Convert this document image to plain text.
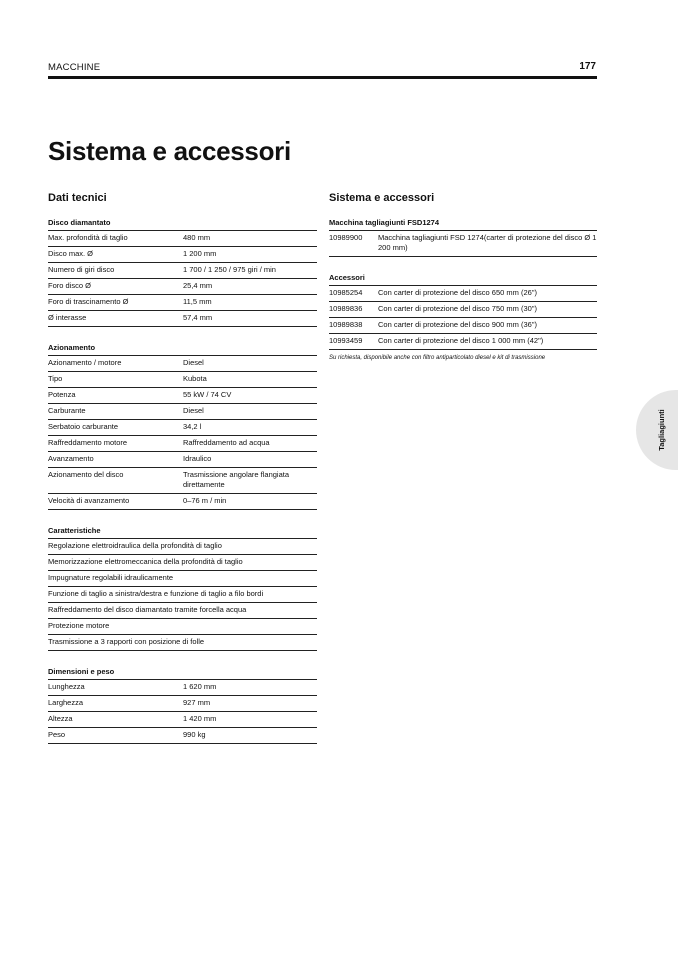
MACCHINE	177
Sistema e accessori
Dati tecnici
Disco diamantato
Max. profondità di taglio	480 mm
Disco max. Ø	1 200 mm
Numero di giri disco	1 700 / 1 250 / 975 giri / min
Foro disco Ø	25,4 mm
Foro di trascinamento Ø	11,5 mm
Ø interasse	57,4 mm
Azionamento
Azionamento / motore	Diesel
Tipo	Kubota
Potenza	55 kW / 74 CV
Carburante	Diesel
Serbatoio carburante	34,2 l
Raffreddamento motore	Raffreddamento ad acqua
Avanzamento	Idraulico
Azionamento del disco	Trasmissione angolare flangiata direttamente
Velocità di avanzamento	0–76 m / min
Caratteristiche
Regolazione elettroidraulica della profondità di taglio
Memorizzazione elettromeccanica della profondità di taglio
Impugnature regolabili idraulicamente
Funzione di taglio a sinistra/destra e funzione di taglio a filo bordi
Raffreddamento del disco diamantato tramite forcella acqua
Protezione motore
Trasmissione a 3 rapporti con posizione di folle
Dimensioni e peso
Lunghezza	1 620 mm
Larghezza	927 mm
Altezza	1 420 mm
Peso	990 kg
Sistema e accessori
Macchina tagliagiunti FSD1274
10989900	Macchina tagliagiunti FSD 1274(carter di protezione del disco Ø 1 200 mm)
Accessori
10985254	Con carter di protezione del disco 650 mm (26")
10989836	Con carter di protezione del disco 750 mm (30")
10989838	Con carter di protezione del disco 900 mm (36")
10993459	Con carter di protezione del disco 1 000 mm (42")
Su richiesta, disponibile anche con filtro antiparticolato diesel e kit di trasmissione
Tagliagiunti
